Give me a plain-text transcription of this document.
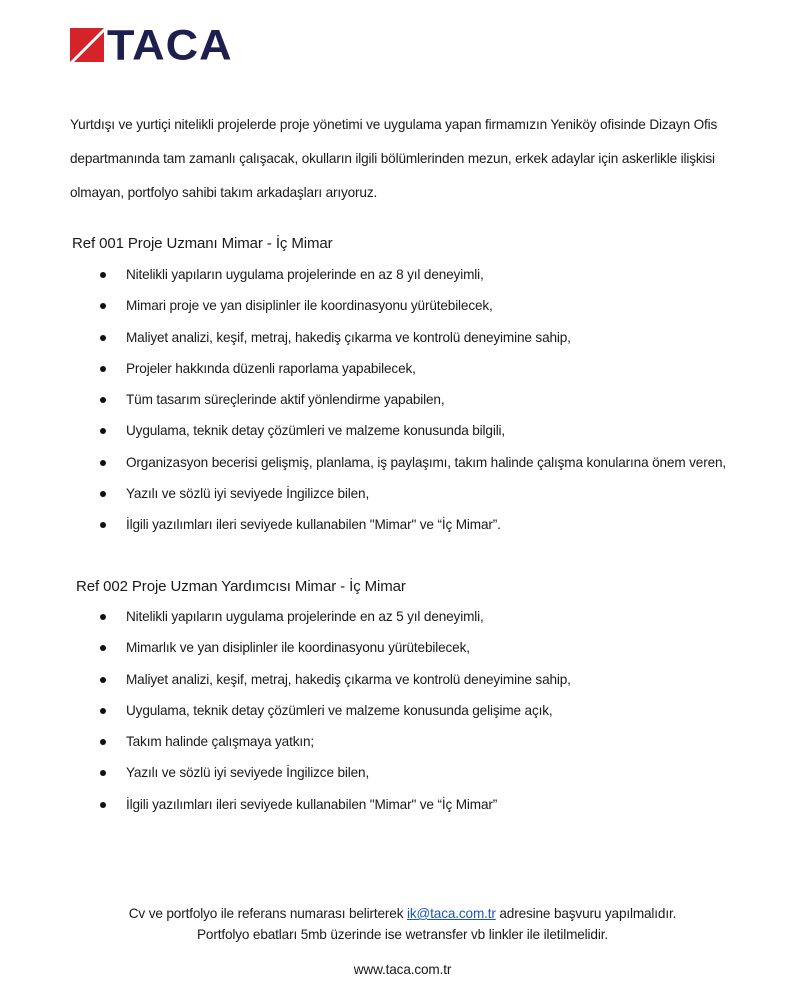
TACA

Yurtdışı ve yurtiçi nitelikli projelerde proje yönetimi ve uygulama yapan firmamızın Yeniköy ofisinde Dizayn Ofis

departmanında tam zamanlı çalışacak, okulların ilgili bölümlerinden mezun, erkek adaylar için askerlikle ilişkisi

olmayan, portfolyo sahibi takım arkadaşları arıyoruz.

Ref 001 Proje Uzmanı Mimar - İç Mimar
Nitelikli yapıların uygulama projelerinde en az 8 yıl deneyimli,
Mimari proje ve yan disiplinler ile koordinasyonu yürütebilecek,
Maliyet analizi, keşif, metraj, hakediş çıkarma ve kontrolü deneyimine sahip,
Projeler hakkında düzenli raporlama yapabilecek,
Tüm tasarım süreçlerinde aktif yönlendirme yapabilen,
Uygulama, teknik detay çözümleri ve malzeme konusunda bilgili,
Organizasyon becerisi gelişmiş, planlama, iş paylaşımı, takım halinde çalışma konularına önem veren,
Yazılı ve sözlü iyi seviyede İngilizce bilen,
İlgili yazılımları ileri seviyede kullanabilen "Mimar" ve “İç Mimar”.
Ref 002 Proje Uzman Yardımcısı Mimar - İç Mimar
Nitelikli yapıların uygulama projelerinde en az 5 yıl deneyimli,
Mimarlık ve yan disiplinler ile koordinasyonu yürütebilecek,
Maliyet analizi, keşif, metraj, hakediş çıkarma ve kontrolü deneyimine sahip,
Uygulama, teknik detay çözümleri ve malzeme konusunda gelişime açık,
Takım halinde çalışmaya yatkın;
Yazılı ve sözlü iyi seviyede İngilizce bilen,
İlgili yazılımları ileri seviyede kullanabilen "Mimar" ve “İç Mimar”
Cv ve portfolyo ile referans numarası belirterek ik@taca.com.tr adresine başvuru yapılmalıdır.
Portfolyo ebatları 5mb üzerinde ise wetransfer vb linkler ile iletilmelidir.
www.taca.com.tr
